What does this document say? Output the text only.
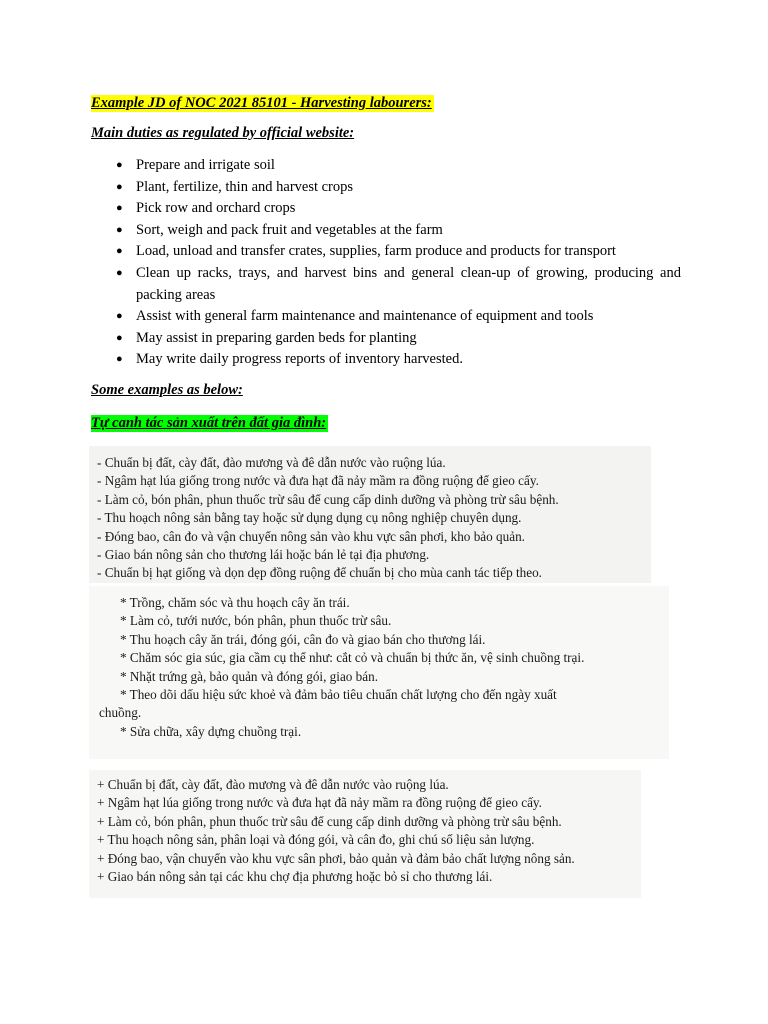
Example JD of NOC 2021 85101 - Harvesting labourers:
Main duties as regulated by official website:
● Prepare and irrigate soil
● Plant, fertilize, thin and harvest crops
● Pick row and orchard crops
● Sort, weigh and pack fruit and vegetables at the farm
● Load, unload and transfer crates, supplies, farm produce and products for transport
● Clean up racks, trays, and harvest bins and general clean-up of growing, producing and packing areas
● Assist with general farm maintenance and maintenance of equipment and tools
● May assist in preparing garden beds for planting
● May write daily progress reports of inventory harvested.
Some examples as below:
Tự canh tác sản xuất trên đất gia đình:
- Chuẩn bị đất, cày đất, đào mương và đê dẫn nước vào ruộng lúa.
- Ngâm hạt lúa giống trong nước và đưa hạt đã nảy mầm ra đồng ruộng để gieo cấy.
- Làm cỏ, bón phân, phun thuốc trừ sâu để cung cấp dinh dưỡng và phòng trừ sâu bệnh.
- Thu hoạch nông sản bằng tay hoặc sử dụng dụng cụ nông nghiệp chuyên dụng.
- Đóng bao, cân đo và vận chuyển nông sản vào khu vực sân phơi, kho bảo quản.
- Giao bán nông sản cho thương lái hoặc bán lẻ tại địa phương.
- Chuẩn bị hạt giống và dọn dẹp đồng ruộng để chuẩn bị cho mùa canh tác tiếp theo.
* Trồng, chăm sóc và thu hoạch cây ăn trái.
* Làm cỏ, tưới nước, bón phân, phun thuốc trừ sâu.
* Thu hoạch cây ăn trái, đóng gói, cân đo và giao bán cho thương lái.
* Chăm sóc gia súc, gia cầm cụ thể như: cắt cỏ và chuẩn bị thức ăn, vệ sinh chuồng trại.
* Nhặt trứng gà, bảo quản và đóng gói, giao bán.
* Theo dõi dấu hiệu sức khoẻ và đảm bảo tiêu chuẩn chất lượng cho đến ngày xuất
chuồng.
* Sửa chữa, xây dựng chuồng trại.
+ Chuẩn bị đất, cày đất, đào mương và đê dẫn nước vào ruộng lúa.
+ Ngâm hạt lúa giống trong nước và đưa hạt đã nảy mầm ra đồng ruộng để gieo cấy.
+ Làm cỏ, bón phân, phun thuốc trừ sâu để cung cấp dinh dưỡng và phòng trừ sâu bệnh.
+ Thu hoạch nông sản, phân loại và đóng gói, và cân đo, ghi chú số liệu sản lượng.
+ Đóng bao, vận chuyển vào khu vực sân phơi, bảo quản và đảm bảo chất lượng nông sản.
+ Giao bán nông sản tại các khu chợ địa phương hoặc bỏ sỉ cho thương lái.
